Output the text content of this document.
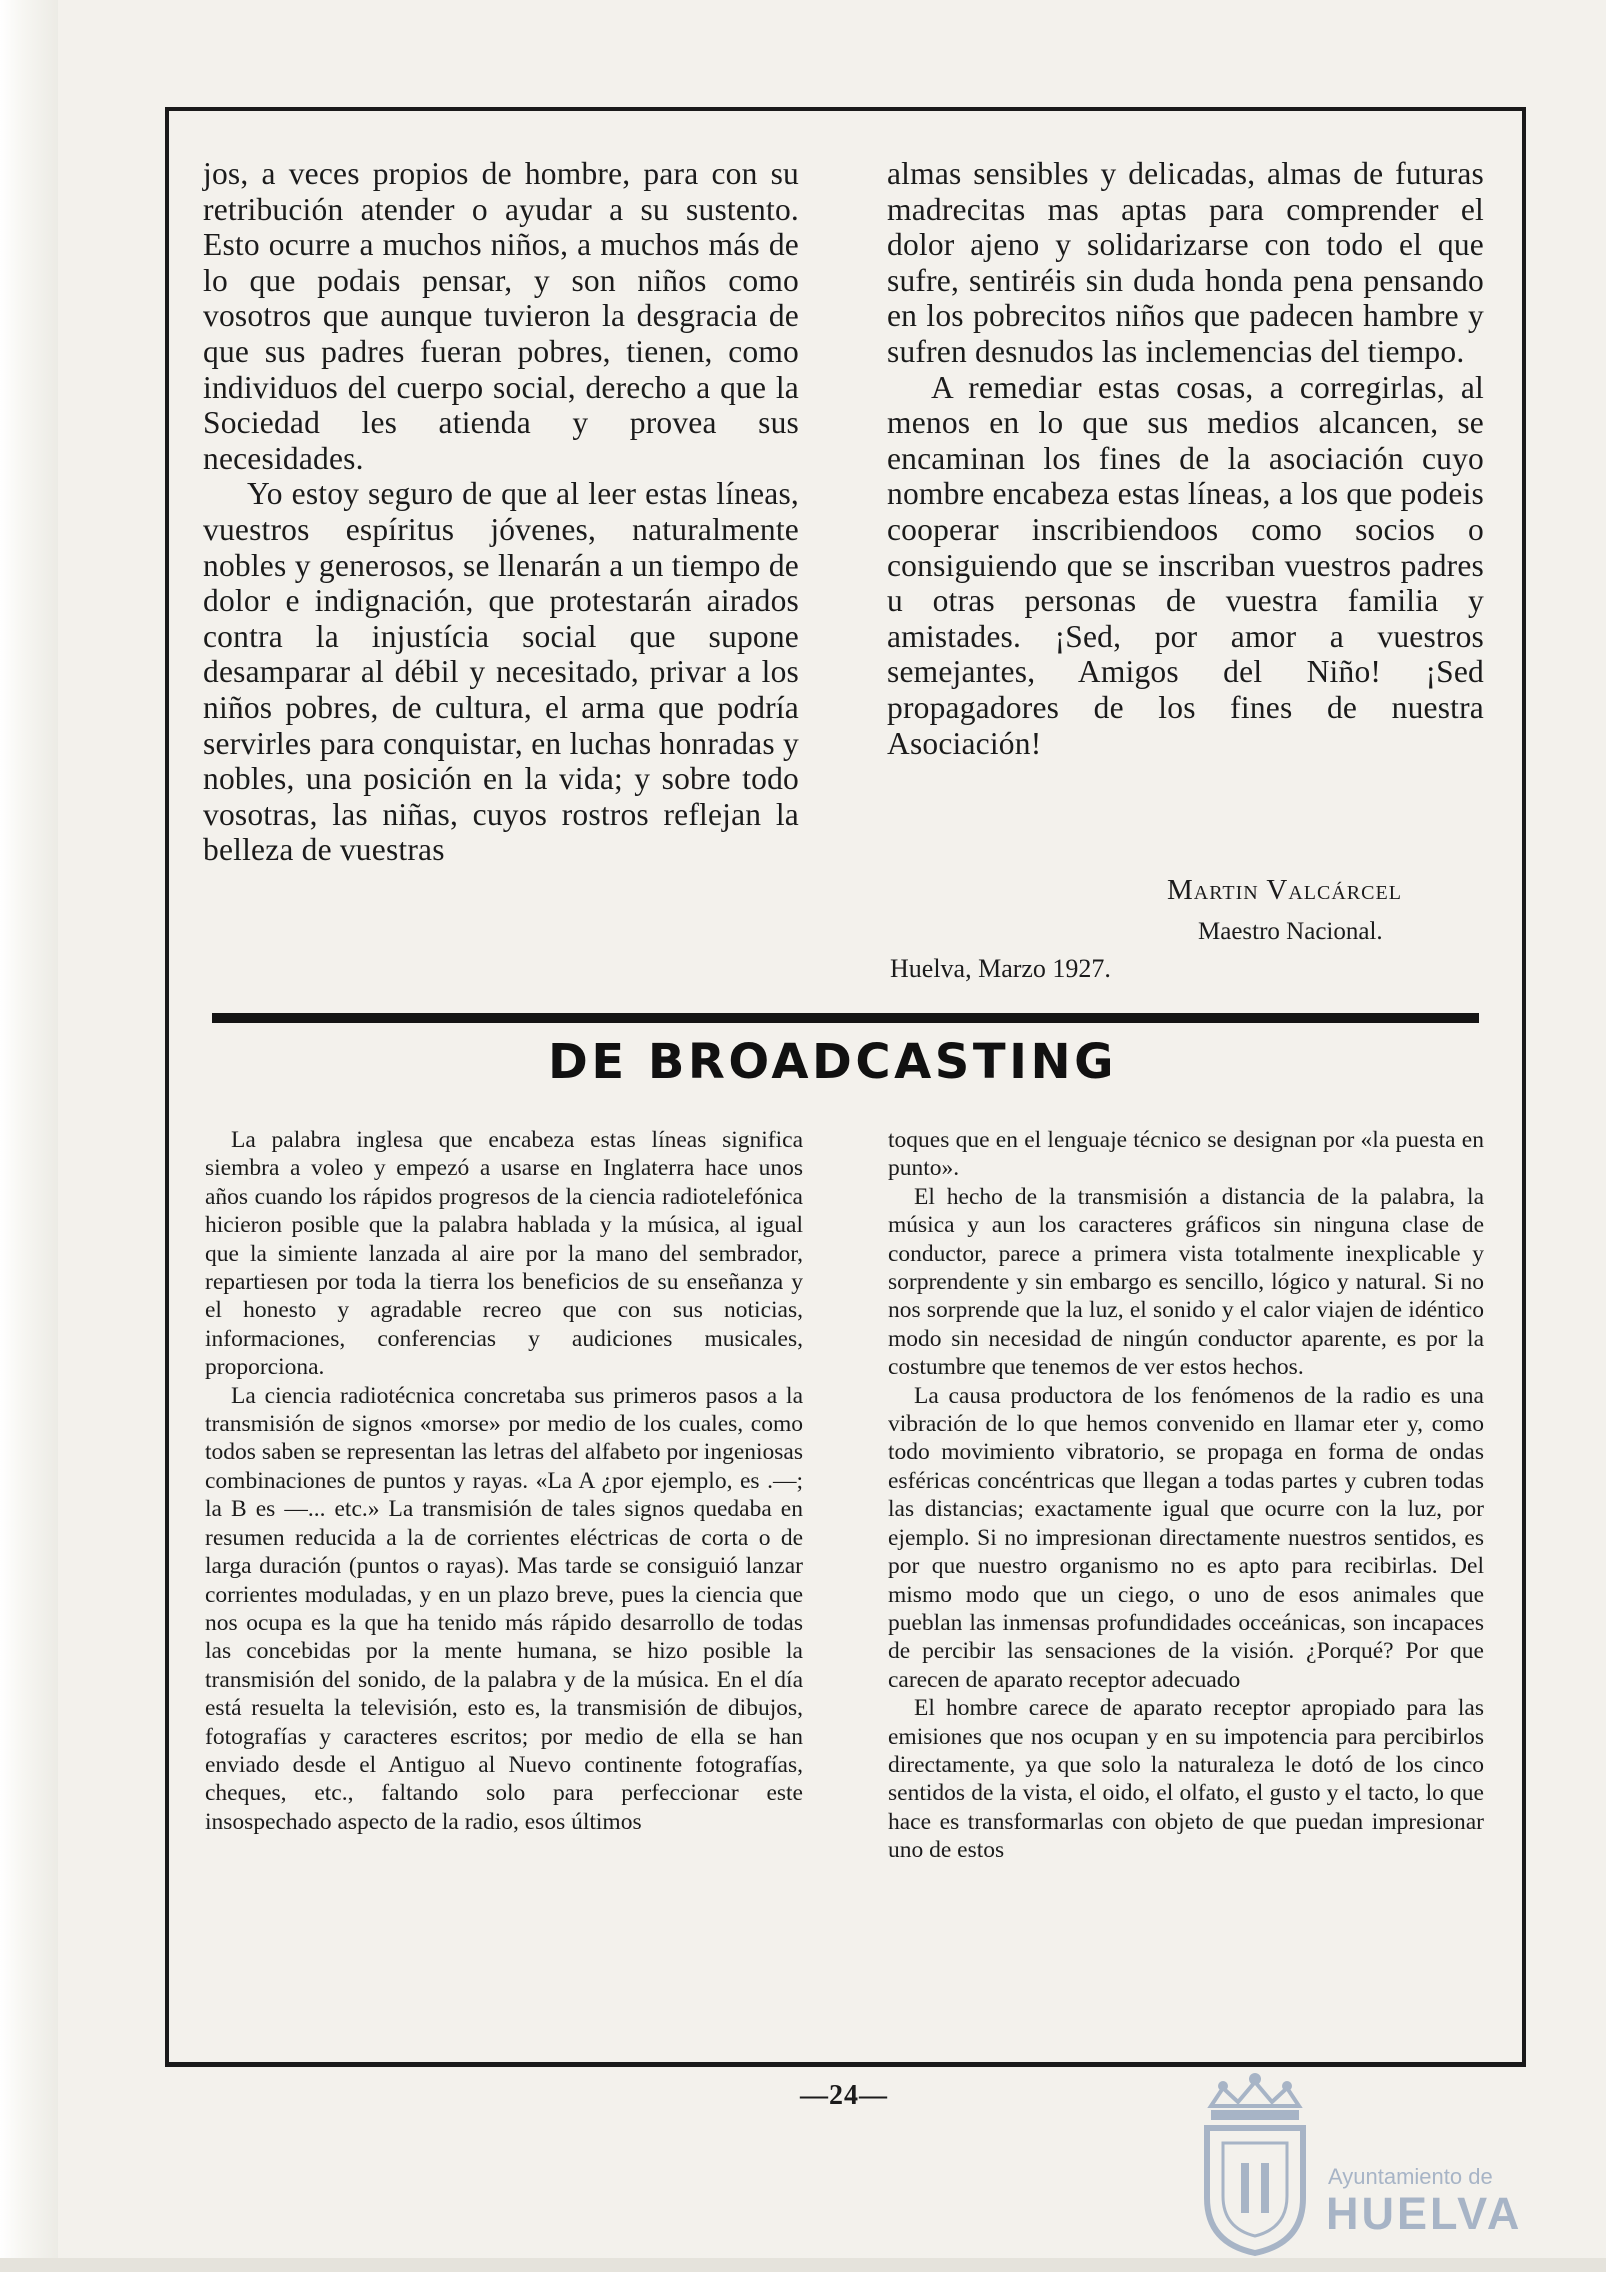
jos, a veces propios de hombre, para con su retribución atender o ayudar a su sustento. Esto ocurre a muchos niños, a muchos más de lo que podais pensar, y son niños como vosotros que aunque tuvieron la desgracia de que sus padres fueran pobres, tienen, como individuos del cuerpo social, derecho a que la Sociedad les atienda y provea sus necesidades.

Yo estoy seguro de que al leer estas líneas, vuestros espíritus jóvenes, naturalmente nobles y generosos, se llenarán a un tiempo de dolor e indignación, que protestarán airados contra la injustícia social que supone desamparar al débil y necesitado, privar a los niños pobres, de cultura, el arma que podría servirles para conquistar, en luchas honradas y nobles, una posición en la vida; y sobre todo vosotras, las niñas, cuyos rostros reflejan la belleza de vuestras

almas sensibles y delicadas, almas de futuras madrecitas mas aptas para comprender el dolor ajeno y solidarizarse con todo el que sufre, sentiréis sin duda honda pena pensando en los pobrecitos niños que padecen hambre y sufren desnudos las inclemencias del tiempo.

A remediar estas cosas, a corregirlas, al menos en lo que sus medios alcancen, se encaminan los fines de la asociación cuyo nombre encabeza estas líneas, a los que podeis cooperar inscribiendoos como socios o consiguiendo que se inscriban vuestros padres u otras personas de vuestra familia y amistades. ¡Sed, por amor a vuestros semejantes, Amigos del Niño! ¡Sed propagadores de los fines de nuestra Asociación!

Martin Valcárcel
Maestro Nacional.
Huelva, Marzo 1927.
DE BROADCASTING

La palabra inglesa que encabeza estas líneas significa siembra a voleo y empezó a usarse en Inglaterra hace unos años cuando los rápidos progresos de la ciencia radiotelefónica hicieron posible que la palabra hablada y la música, al igual que la simiente lanzada al aire por la mano del sembrador, repartiesen por toda la tierra los beneficios de su enseñanza y el honesto y agradable recreo que con sus noticias, informaciones, conferencias y audiciones musicales, proporciona.

La ciencia radiotécnica concretaba sus primeros pasos a la transmisión de signos «morse» por medio de los cuales, como todos saben se representan las letras del alfabeto por ingeniosas combinaciones de puntos y rayas. «La A ¿por ejemplo, es .—; la B es —... etc.» La transmisión de tales signos quedaba en resumen reducida a la de corrientes eléctricas de corta o de larga duración (puntos o rayas). Mas tarde se consiguió lanzar corrientes moduladas, y en un plazo breve, pues la ciencia que nos ocupa es la que ha tenido más rápido desarrollo de todas las concebidas por la mente humana, se hizo posible la transmisión del sonido, de la palabra y de la música. En el día está resuelta la televisión, esto es, la transmisión de dibujos, fotografías y caracteres escritos; por medio de ella se han enviado desde el Antiguo al Nuevo continente fotografías, cheques, etc., faltando solo para perfeccionar este insospechado aspecto de la radio, esos últimos

toques que en el lenguaje técnico se designan por «la puesta en punto».

El hecho de la transmisión a distancia de la palabra, la música y aun los caracteres gráficos sin ninguna clase de conductor, parece a primera vista totalmente inexplicable y sorprendente y sin embargo es sencillo, lógico y natural. Si no nos sorprende que la luz, el sonido y el calor viajen de idéntico modo sin necesidad de ningún conductor aparente, es por la costumbre que tenemos de ver estos hechos.

La causa productora de los fenómenos de la radio es una vibración de lo que hemos convenido en llamar eter y, como todo movimiento vibratorio, se propaga en forma de ondas esféricas concéntricas que llegan a todas partes y cubren todas las distancias; exactamente igual que ocurre con la luz, por ejemplo. Si no impresionan directamente nuestros sentidos, es por que nuestro organismo no es apto para recibirlas. Del mismo modo que un ciego, o uno de esos animales que pueblan las inmensas profundidades occeánicas, son incapaces de percibir las sensaciones de la visión. ¿Porqué? Por que carecen de aparato receptor adecuado

El hombre carece de aparato receptor apropiado para las emisiones que nos ocupan y en su impotencia para percibirlos directamente, ya que solo la naturaleza le dotó de los cinco sentidos de la vista, el oido, el olfato, el gusto y el tacto, lo que hace es transformarlas con objeto de que puedan impresionar uno de estos

—24—
Ayuntamiento de
HUELVA
